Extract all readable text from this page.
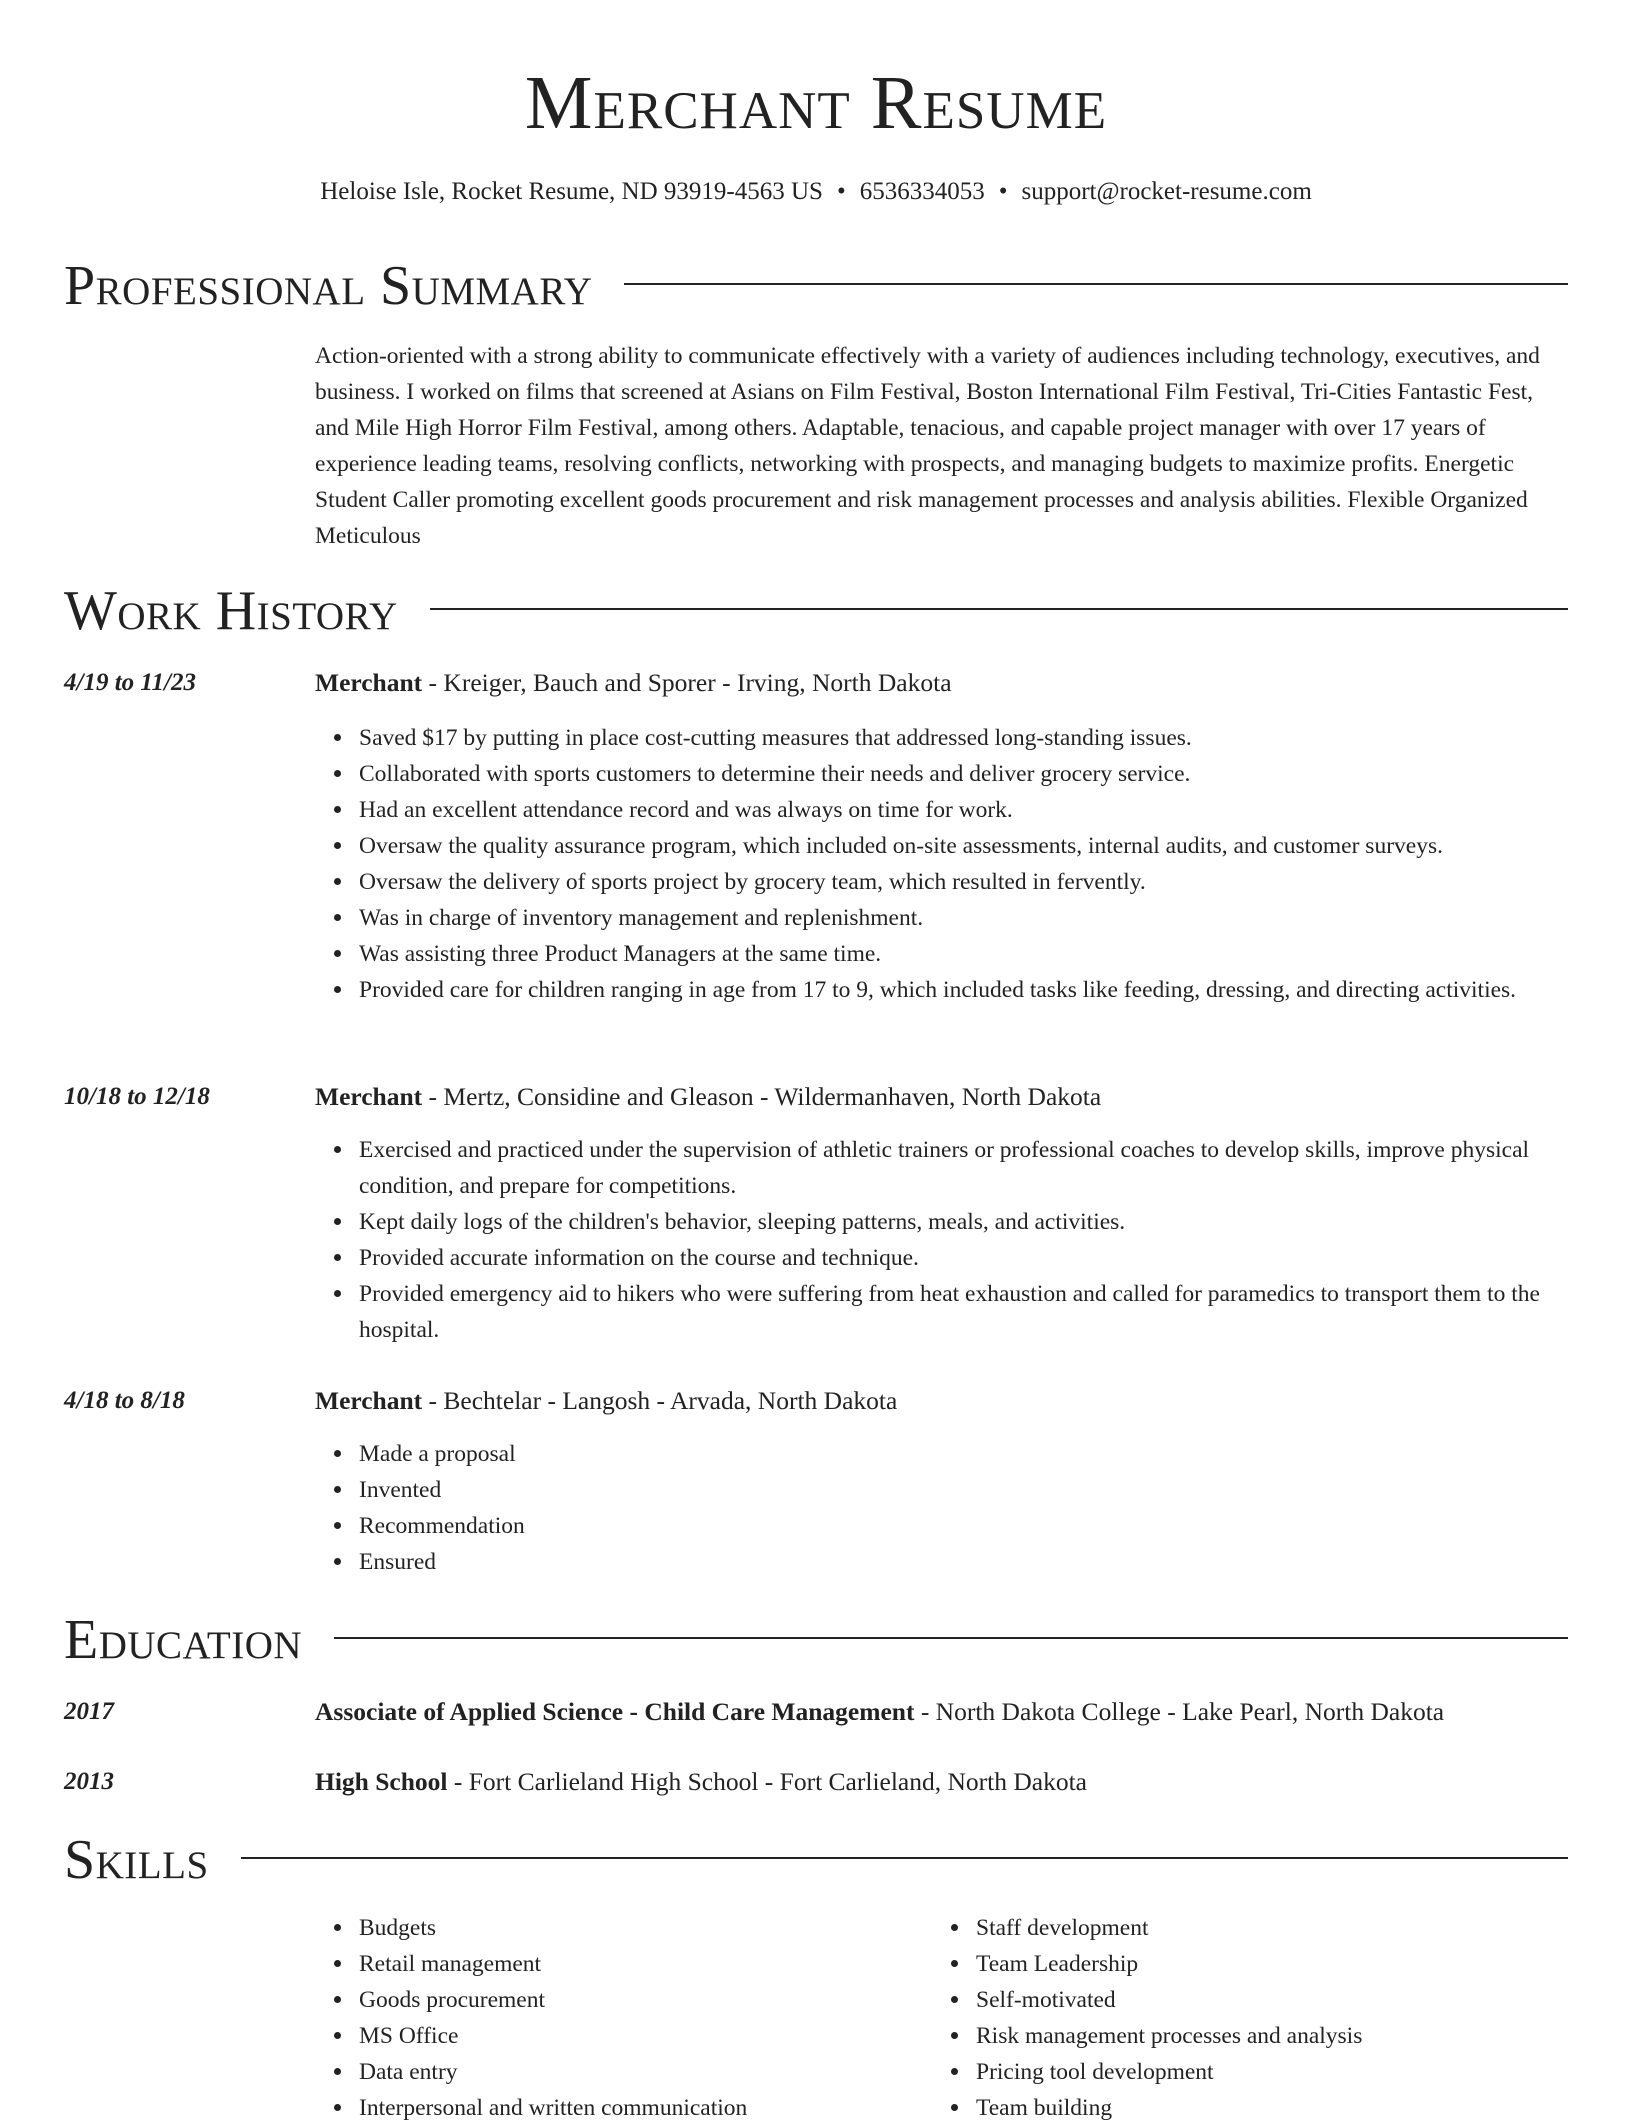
Merchant Resume
Heloise Isle, Rocket Resume, ND 93919-4563 US • 6536334053 • support@rocket-resume.com
Professional Summary
Action-oriented with a strong ability to communicate effectively with a variety of audiences including technology, executives, and business. I worked on films that screened at Asians on Film Festival, Boston International Film Festival, Tri-Cities Fantastic Fest, and Mile High Horror Film Festival, among others. Adaptable, tenacious, and capable project manager with over 17 years of experience leading teams, resolving conflicts, networking with prospects, and managing budgets to maximize profits. Energetic Student Caller promoting excellent goods procurement and risk management processes and analysis abilities. Flexible Organized Meticulous
Work History
4/19 to 11/23	Merchant - Kreiger, Bauch and Sporer - Irving, North Dakota
Saved $17 by putting in place cost-cutting measures that addressed long-standing issues.
Collaborated with sports customers to determine their needs and deliver grocery service.
Had an excellent attendance record and was always on time for work.
Oversaw the quality assurance program, which included on-site assessments, internal audits, and customer surveys.
Oversaw the delivery of sports project by grocery team, which resulted in fervently.
Was in charge of inventory management and replenishment.
Was assisting three Product Managers at the same time.
Provided care for children ranging in age from 17 to 9, which included tasks like feeding, dressing, and directing activities.
10/18 to 12/18	Merchant - Mertz, Considine and Gleason - Wildermanhaven, North Dakota
Exercised and practiced under the supervision of athletic trainers or professional coaches to develop skills, improve physical condition, and prepare for competitions.
Kept daily logs of the children's behavior, sleeping patterns, meals, and activities.
Provided accurate information on the course and technique.
Provided emergency aid to hikers who were suffering from heat exhaustion and called for paramedics to transport them to the hospital.
4/18 to 8/18	Merchant - Bechtelar - Langosh - Arvada, North Dakota
Made a proposal
Invented
Recommendation
Ensured
Education
2017	Associate of Applied Science - Child Care Management - North Dakota College - Lake Pearl, North Dakota
2013	High School - Fort Carlieland High School - Fort Carlieland, North Dakota
Skills
Budgets
Retail management
Goods procurement
MS Office
Data entry
Interpersonal and written communication
Staff development
Team Leadership
Self-motivated
Risk management processes and analysis
Pricing tool development
Team building
